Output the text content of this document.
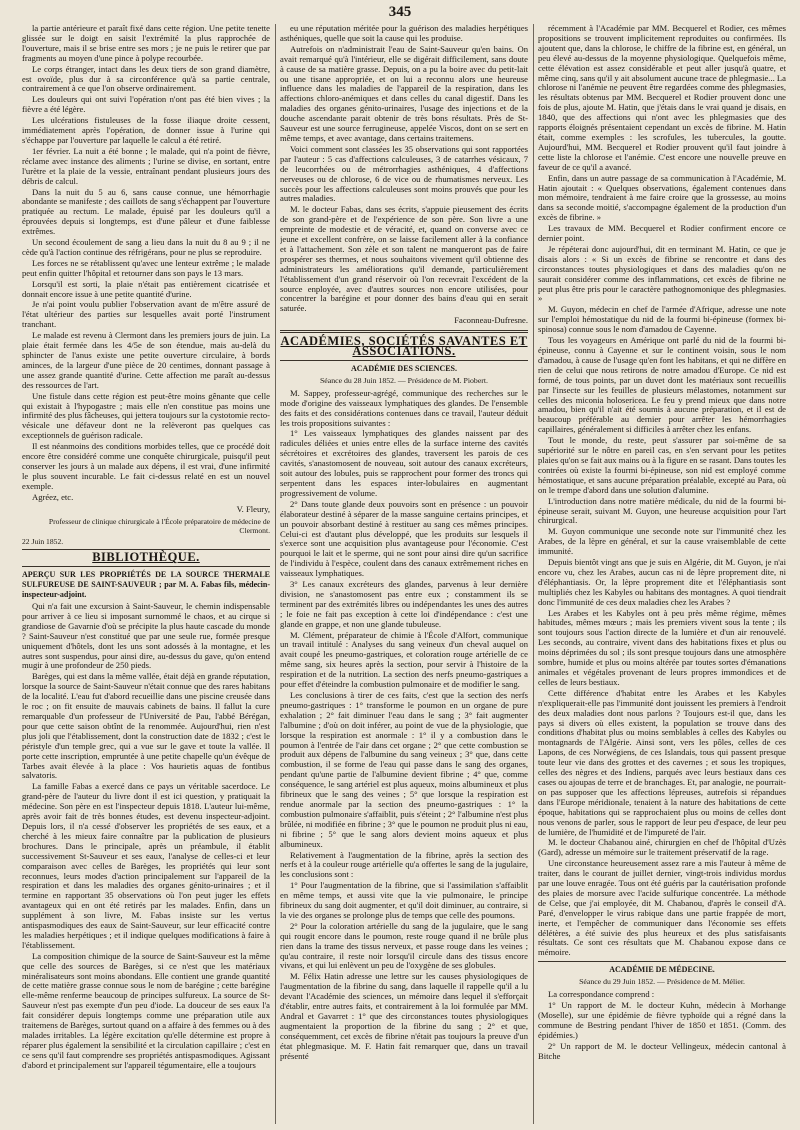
345

la partie antérieure et paraît fixé dans cette région. Une petite tenette glissée sur le doigt en saisit l'extrémité la plus rapprochée de l'ouverture, mais il se brise entre ses mors ; je ne puis le retirer que par fragments au moyen d'une pince à polype recourbée.

Le corps étranger, intact dans les deux tiers de son grand diamètre, est ovoïde, plus dur à sa circonférence qu'à sa partie centrale, contrairement à ce que l'on observe ordinairement.

Les douleurs qui ont suivi l'opération n'ont pas été bien vives ; la fièvre a été légère.

Les ulcérations fistuleuses de la fosse iliaque droite cessent, immédiatement après l'opération, de donner issue à l'urine qui s'échappe par l'ouverture par laquelle le calcul a été retiré.

1er février. La nuit a été bonne ; le malade, qui n'a point de fièvre, réclame avec instance des aliments ; l'urine se divise, en sortant, entre l'urètre et la plaie de la vessie, entraînant pendant plusieurs jours des débris de calcul.

Dans la nuit du 5 au 6, sans cause connue, une hémorrhagie abondante se manifeste ; des caillots de sang s'échappent par l'ouverture pratiquée au rectum. Le malade, épuisé par les douleurs qu'il a éprouvées depuis si longtemps, est d'une pâleur et d'une faiblesse extrêmes.

Un second écoulement de sang a lieu dans la nuit du 8 au 9 ; il ne cède qu'à l'action continue des réfrigérans, pour ne plus se reproduire.

Les forces ne se rétablissent qu'avec une lenteur extrême ; le malade peut enfin quitter l'hôpital et retourner dans son pays le 13 mars.

Lorsqu'il est sorti, la plaie n'était pas entièrement cicatrisée et donnait encore issue à une petite quantité d'urine.

Je n'ai point voulu publier l'observation avant de m'être assuré de l'état ultérieur des parties sur lesquelles avait porté l'instrument tranchant.

Le malade est revenu à Clermont dans les premiers jours de juin. La plaie était fermée dans les 4/5e de son étendue, mais au-delà du sphincter de l'anus existe une petite ouverture circulaire, à bords aminces, de la largeur d'une pièce de 20 centimes, donnant passage à une assez grande quantité d'urine. Cette affection me paraît au-dessus des ressources de l'art.

Une fistule dans cette région est peut-être moins gênante que celle qui existait à l'hypogastre ; mais elle n'en constitue pas moins une infirmité des plus fâcheuses, qui jettera toujours sur la cystotomie recto-vésicale une défaveur dont ne la relèveront pas quelques cas exceptionnels de guérison radicale.

Il est néanmoins des conditions morbides telles, que ce procédé doit encore être considéré comme une conquête chirurgicale, puisqu'il peut conserver les jours à un malade aux dépens, il est vrai, d'une infirmité le plus souvent incurable. Le fait ci-dessus relaté en est un nouvel exemple.

Agréez, etc.

V. Fleury,
Professeur de clinique chirurgicale à l'École préparatoire de médecine de Clermont.
22 Juin 1852.
BIBLIOTHÈQUE.
APERÇU SUR LES PROPRIÉTÉS DE LA SOURCE THERMALE SULFUREUSE DE SAINT-SAUVEUR ; par M. A. Fabas fils, médecin-inspecteur-adjoint.

Qui n'a fait une excursion à Saint-Sauveur, le chemin indispensable pour arriver à ce lieu si imposant surnommé le chaos, et au cirque si grandiose de Gavarnie d'où se précipite la plus haute cascade du monde ? Saint-Sauveur n'est constitué que par une seule rue, formée presque uniquement d'hôtels, dont les uns sont adossés à la montagne, et les autres sont suspendus, pour ainsi dire, au-dessus du gave, qu'on entend mugir à une profondeur de 250 pieds.

Barèges, qui est dans la même vallée, était déjà en grande réputation, lorsque la source de Saint-Sauveur n'était connue que des rares habitans de la localité. L'eau fut d'abord recueillie dans une piscine creusée dans le roc ; on fit ensuite de mauvais cabinets de bains. Il fallut la cure remarquable d'un professeur de l'Université de Pau, l'abbé Bérégan, pour que cette saison obtînt de la renommée. Aujourd'hui, rien n'est plus joli que l'établissement, dont la construction date de 1832 ; c'est le péristyle d'un temple grec, qui a vue sur le gave et toute la vallée. Il porte cette inscription, empruntée à une petite chapelle qu'un évêque de Tarbes avait élevée à la place : Vos haurietis aquas de fontibus salvatoris.

La famille Fabas a exercé dans ce pays un véritable sacerdoce. Le grand-père de l'auteur du livre dont il est ici question, y pratiquait la médecine. Son père en est l'inspecteur depuis 1818. L'auteur lui-même, après avoir fait de très bonnes études, est devenu inspecteur-adjoint. Depuis lors, il n'a cessé d'observer les propriétés de ses eaux, et a cherché à les mieux faire connaître par la publication de plusieurs brochures. Dans le principale, après un préambule, il établit successivement St-Sauveur et ses eaux, l'analyse de celles-ci et leur comparaison avec celles de Barèges, les propriétés qui leur sont reconnues, leurs modes d'action principalement sur l'appareil de la respiration et dans les maladies des organes génito-urinaires ; et il termine en rapportant 35 observations où l'on peut juger les effets avantageux qui en ont été retirés par les malades. Enfin, dans un supplément à son livre, M. Fabas insiste sur les vertus antispasmodiques des eaux de Saint-Sauveur, sur leur efficacité contre les maladies herpétiques ; et il indique quelques modifications à faire à l'établissement.

La composition chimique de la source de Saint-Sauveur est la même que celle des sources de Barèges, si ce n'est que les matériaux minéralisateurs sont moins abondans. Elle contient une grande quantité de cette matière grasse connue sous le nom de barégine ; cette barégine elle-même renferme beaucoup de principes sulfureux. La source de St-Sauveur n'est pas exempte d'un peu d'iode. La douceur de ses eaux l'a fait considérer depuis longtemps comme une préparation utile aux traitemens de Barèges, surtout quand on a affaire à des femmes ou à des malades irritables. La légère excitation qu'elle détermine est propre à réparer plus également la sensibilité et la circulation capillaire ; c'est en ce sens qu'il faut comprendre ses propriétés antispasmodiques. Agissant d'abord et principalement sur l'appareil tégumentaire, elle a toujours

eu une réputation méritée pour la guérison des maladies herpétiques asthéniques, quelle que soit la cause qui les produise.

Autrefois on n'administrait l'eau de Saint-Sauveur qu'en bains. On avait remarqué qu'à l'intérieur, elle se digérait difficilement, sans doute à cause de sa matière grasse. Depuis, on a pu la boire avec du petit-lait ou une tisane appropriée, et on lui a reconnu alors une heureuse influence dans les maladies de l'appareil de la respiration, dans les affections chloro-anémiques et dans celles du canal digestif. Dans les maladies des organes génito-urinaires, l'usage des injections et de la douche ascendante parait obtenir de très bons résultats. Près de St-Sauveur est une source ferrugineuse, appelée Viscos, dont on se sert en même temps, et avec avantage, dans certains traitemens.

Voici comment sont classées les 35 observations qui sont rapportées par l'auteur : 5 cas d'affections calculeuses, 3 de catarrhes vésicaux, 7 de leucorrhées ou de métrorrhagies asthéniques, 4 d'affections nerveuses ou de chlorose, 6 de vice ou de rhumatismes nerveux. Les succès pour les affections calculeuses sont moins prouvés que pour les autres maladies.

M. le docteur Fabas, dans ses écrits, s'appuie pieusement des écrits de son grand-père et de l'expérience de son père. Son livre a une empreinte de modestie et de véracité, et, quand on converse avec ce jeune et excellent confrère, on se laisse facilement aller à la confiance et à l'attachement. Son zèle et son talent ne manqueront pas de faire prospérer ses thermes, et nous souhaitons vivement qu'il obtienne des administrateurs les améliorations qu'il demande, particulièrement l'établissement d'un grand réservoir où l'on recevrait l'excédent de la source enployée, avec d'autres sources non encore utilisées, pour concentrer la barégine et pour donner des bains d'eau qui en serait saturée.

Faconneau-Dufresne.
ACADÉMIES, SOCIÉTÉS SAVANTES ET ASSOCIATIONS.
ACADÉMIE DES SCIENCES.
Séance du 28 Juin 1852. — Présidence de M. Piobert.

M. Sappey, professeur-agrégé, communique des recherches sur le mode d'origine des vaisseaux lymphatiques des glandes. De l'ensemble des faits et des considérations contenues dans ce travail, l'auteur déduit les trois propositions suivantes :

1° Les vaisseaux lymphatiques des glandes naissent par des radicules déliées et unies entre elles de la surface interne des cavités sécrétoires et excrétoires des glandes, traversent les parois de ces cavités, s'anastomosent de nouveau, soit autour des canaux excréteurs, soit autour des lobules, puis se rapprochent pour former des troncs qui serpentent dans les espaces inter-lobulaires en augmentant progressivement de volume.

2° Dans toute glande deux pouvoirs sont en présence : un pouvoir élaborateur destiné à séparer de la masse sanguine certains principes, et un pouvoir absorbant destiné à restituer au sang ces mêmes principes. Celui-ci est d'autant plus développé, que les produits sur lesquels il s'exerce sont une acquisition plus avantageuse pour l'économie. C'est pourquoi le lait et le sperme, qui ne sont pour ainsi dire qu'un sacrifice de l'individu à l'espèce, coulent dans des canaux extrêmement riches en vaisseaux lymphatiques.

3° Les canaux excréteurs des glandes, parvenus à leur dernière division, ne s'anastomosent pas entre eux ; constamment ils se terminent par des extrémités libres ou indépendantes les unes des autres ; le foie ne fait pas exception à cette loi d'indépendance : c'est une glande en grappe, et non une glande tubuleuse.

M. Clément, préparateur de chimie à l'École d'Alfort, communique un travail intitulé : Analyses du sang veineux d'un cheval auquel on avait coupé les pneumo-gastriques, et coloration rouge artérielle de ce même sang, six heures après la section, pour servir à l'histoire de la respiration et de la nutrition. La section des nerfs pneumo-gastriques a pour effet d'éteindre la combustion pulmonaire et de modifier le sang.

Les conclusions à tirer de ces faits, c'est que la section des nerfs pneumo-gastriques : 1° transforme le poumon en un organe de pure exhalation ; 2° fait diminuer l'eau dans le sang ; 3° fait augmenter l'albumine ; d'où on doit inférer, au point de vue de la physiologie, que lorsque la respiration est anormale : 1° il y a combustion dans le poumon à l'entrée de l'air dans cet organe ; 2° que cette combustion se produit aux dépens de l'albumine du sang veineux ; 3° que, dans cette combustion, il se forme de l'eau qui passe dans le sang des organes, pendant qu'une partie de l'albumine devient fibrine ; 4° que, comme conséquence, le sang artériel est plus aqueux, moins albumineux et plus fibrineux que le sang des veines ; 5° que lorsque la respiration est rendue anormale par la section des pneumo-gastriques : 1° la combustion pulmonaire s'affaiblit, puis s'éteint ; 2° l'albumine n'est plus brûlée, ni modifiée en fibrine ; 3° que le poumon ne produit plus ni eau, ni fibrine ; 5° que le sang alors devient moins aqueux et plus albumineux.

Relativement à l'augmentation de la fibrine, après la section des nerfs et à la couleur rouge artérielle qu'a offertes le sang de la jugulaire, les conclusions sont :

1° Pour l'augmentation de la fibrine, que si l'assimilation s'affaiblit en même temps, et aussi vite que la vie pulmonaire, le principe fibrineux du sang doit augmenter, et qu'il doit diminuer, au contraire, si la vie des organes se prolonge plus de temps que celle des poumons.

2° Pour la coloration artérielle du sang de la jugulaire, que le sang qui rougit encore dans le poumon, reste rouge quand il ne brûle plus rien dans la trame des tissus nerveux, et passe rouge dans les veines ; qu'au contraire, il reste noir lorsqu'il circule dans des tissus encore vivans, et qui lui enlèvent un peu de l'oxygène de ses globules.

M. Félix Hatin adresse une lettre sur les causes physiologiques de l'augmentation de la fibrine du sang, dans laquelle il rappelle qu'il a lu devant l'Académie des sciences, un mémoire dans lequel il s'efforçait d'établir, entre autres faits, et contrairement à la loi formulée par MM. Andral et Gavarret : 1° que des circonstances toutes physiologiques augmentaient la proportion de la fibrine du sang ; 2° et que, conséquemment, cet excès de fibrine n'était pas toujours la preuve d'un état phlegmasique. M. F. Hatin fait remarquer que, dans un travail présenté

récemment à l'Académie par MM. Becquerel et Rodier, ces mêmes propositions se trouvent implicitement reproduites ou confirmées. Ils ajoutent que, dans la chlorose, le chiffre de la fibrine est, en général, un peu élevé au-dessus de la moyenne physiologique. Quelquefois même, cette élévation est assez considérable et peut aller jusqu'à quatre, et même cinq, sans qu'il y ait absolument aucune trace de phlegmasie... La chlorose ni l'anémie ne peuvent être regardées comme des phlegmasies, les résultats obtenus par MM. Becquerel et Rodier prouvent donc une fois de plus, ajoute M. Hatin, que j'étais dans le vrai quand je disais, en 1840, que des affections qui n'ont avec les phlegmasies que des rapports éloignés présentaient cependant un excès de fibrine. M. Hatin était, comme exemples : les scrofules, les tubercules, la goutte. Aujourd'hui, MM. Becquerel et Rodier prouvent qu'il faut joindre à cette liste la chlorose et l'anémie. C'est encore une nouvelle preuve en faveur de ce qu'il a avancé.

Enfin, dans un autre passage de sa communication à l'Académie, M. Hatin ajoutait : « Quelques observations, également contenues dans mon mémoire, tendraient à me faire croire que la grossesse, au moins dans sa seconde moitié, s'accompagne également de la production d'un excès de fibrine. »

Les travaux de MM. Becquerel et Rodier confirment encore ce dernier point.

Je répéterai donc aujourd'hui, dit en terminant M. Hatin, ce que je disais alors : « Si un excès de fibrine se rencontre et dans des circonstances toutes physiologiques et dans des maladies qu'on ne saurait considérer comme des inflammations, cet excès de fibrine ne peut plus être pris pour le caractère pathognomonique des phlegmasies. »

M. Guyon, médecin en chef de l'armée d'Afrique, adresse une note sur l'emploi hémostatique du nid de la fourmi bi-épineuse (formex bi-spinosa) connue sous le nom d'amadou de Cayenne.

Tous les voyageurs en Amérique ont parlé du nid de la fourmi bi-épineuse, connu à Cayenne et sur le continent voisin, sous le nom d'amadou, à cause de l'usage qu'en font les habitans, et qui ne diffère en rien de celui que nous retirons de notre amadou d'Europe. Ce nid est formé, de tous points, par un duvet dont les matériaux sont recueillis par l'insecte sur les feuilles de plusieurs mélastomes, notamment sur celles des miconia holosericea. Le feu y prend mieux que dans notre amadou, bien qu'il n'ait été soumis à aucune préparation, et il est de beaucoup préférable au dernier pour arrêter les hémorrhagies capillaires, généralement si difficiles à arrêter chez les enfans.

Tout le monde, du reste, peut s'assurer par soi-même de sa supériorité sur le nôtre en pareil cas, en s'en servant pour les petites plaies qu'on se fait aux mains ou à la figure en se rasant. Dans toutes les contrées où existe la fourmi bi-épineuse, son nid est employé comme hémostatique, et sans aucune préparation préalable, excepté au Para, où on le trempe d'abord dans une solution d'alumine.

L'introduction dans notre matière médicale, du nid de la fourmi bi-épineuse serait, suivant M. Guyon, une heureuse acquisition pour l'art chirurgical.

M. Guyon communique une seconde note sur l'immunité chez les Arabes, de la lèpre en général, et sur la cause vraisemblable de cette immunité.

Depuis bientôt vingt ans que je suis en Algérie, dit M. Guyon, je n'ai encore vu, chez les Arabes, aucun cas ni de lèpre proprement dite, ni d'éléphantiasis. Or, la lèpre proprement dite et l'éléphantiasis sont multipliés chez les Kabyles ou habitans des montagnes. A quoi tiendrait donc l'immunité de ces deux maladies chez les Arabes ?

Les Arabes et les Kabyles ont à peu près même régime, mêmes habitudes, mêmes mœurs ; mais les premiers vivent sous la tente ; ils sont toujours sous l'action directe de la lumière et d'un air renouvelé. Les seconds, au contraire, vivent dans des habitations fixes et plus ou moins déprimées du sol ; ils sont presque toujours dans une atmosphère sombre, humide et plus ou moins altérée par toutes sortes d'émanations animales et végétales provenant de leurs propres immondices et de celles de leurs bestiaux.

Cette différence d'habitat entre les Arabes et les Kabyles n'expliquerait-elle pas l'immunité dont jouissent les premiers à l'endroit des deux maladies dont nous parlons ? Toujours est-il que, dans les pays si divers où elles existent, la population se trouve dans des conditions d'habitat plus ou moins semblables à celles des Kabyles ou montagnards de l'Algérie. Ainsi sont, vers les pôles, celles de ces Lapons, de ces Norwégiens, de ces Islandais, tous qui passent presque toute leur vie dans des grottes et des cavernes ; et sous les tropiques, celles des nègres et des Indiens, parqués avec leurs bestiaux dans ces cases ou ajoupas de terre et de branchages. Et, par analogie, ne pourrait-on pas supposer que les affections lépreuses, autrefois si répandues dans l'Europe méridionale, tenaient à la nature des habitations de cette époque, habitations qui se rapprochaient plus ou moins de celles dont nous venons de parler, sous le rapport de leur peu d'espace, de leur peu de lumière, de l'humidité et de l'impureté de l'air.

M. le docteur Chabanou ainé, chirurgien en chef de l'hôpital d'Uzès (Gard), adresse un mémoire sur le traitement préservatif de la rage.

Une circonstance heureusement assez rare a mis l'auteur à même de traiter, dans le courant de juillet dernier, vingt-trois individus mordus par une louve enragée. Tous ont été guéris par la cautérisation profonde des plaies de morsure avec l'acide sulfurique concentrée. La méthode de Celse, que j'ai employée, dit M. Chabanou, d'après le conseil d'A. Paré, d'envelopper le virus rabique dans une partie frappée de mort, inerte, et l'empêcher de communiquer dans l'économie ses effets délétères, a été suivie des plus heureux et des plus satisfaisants résultats. Ce sont ces résultats que M. Chabanou expose dans ce mémoire.

ACADÉMIE DE MÉDECINE.
Séance du 29 Juin 1852. — Présidence de M. Mélier.

La correspondance comprend :

1° Un rapport de M. le docteur Kuhn, médecin à Morhange (Moselle), sur une épidémie de fièvre typhoïde qui a régné dans la commune de Bestring pendant l'hiver de 1850 et 1851. (Comm. des épidémies.)

2° Un rapport de M. le docteur Vellingeux, médecin cantonal à Bitche
